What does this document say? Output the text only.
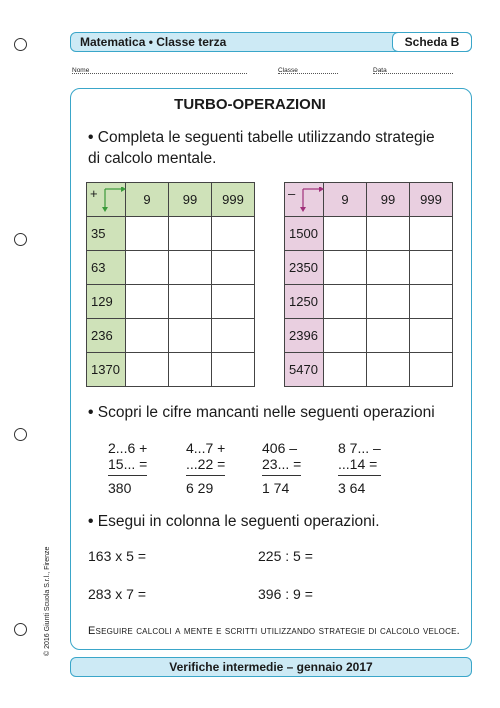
Matematica • Classe terza	Scheda B
Nome	Classe	Data
TURBO-OPERAZIONI
• Completa le seguenti tabelle utilizzando strategie
di calcolo mentale.
+	9	99	999
35			
63			
129			
236			
1370			
–	9	99	999
1500			
2350			
1250			
2396			
5470			
• Scopri le cifre mancanti nelle seguenti operazioni
2...6 +
15... =
380
4...7 +
...22 =
6 29
406 –
23... =
1 74
8 7... –
...14 =
3 64
• Esegui in colonna le seguenti operazioni.
163 x 5 =	225 : 5 =
283 x 7 =	396 : 9 =
Eseguire calcoli a mente e scritti utilizzando strategie di calcolo veloce.
Verifiche intermedie – gennaio 2017
© 2016 Giunti Scuola S.r.l., Firenze
